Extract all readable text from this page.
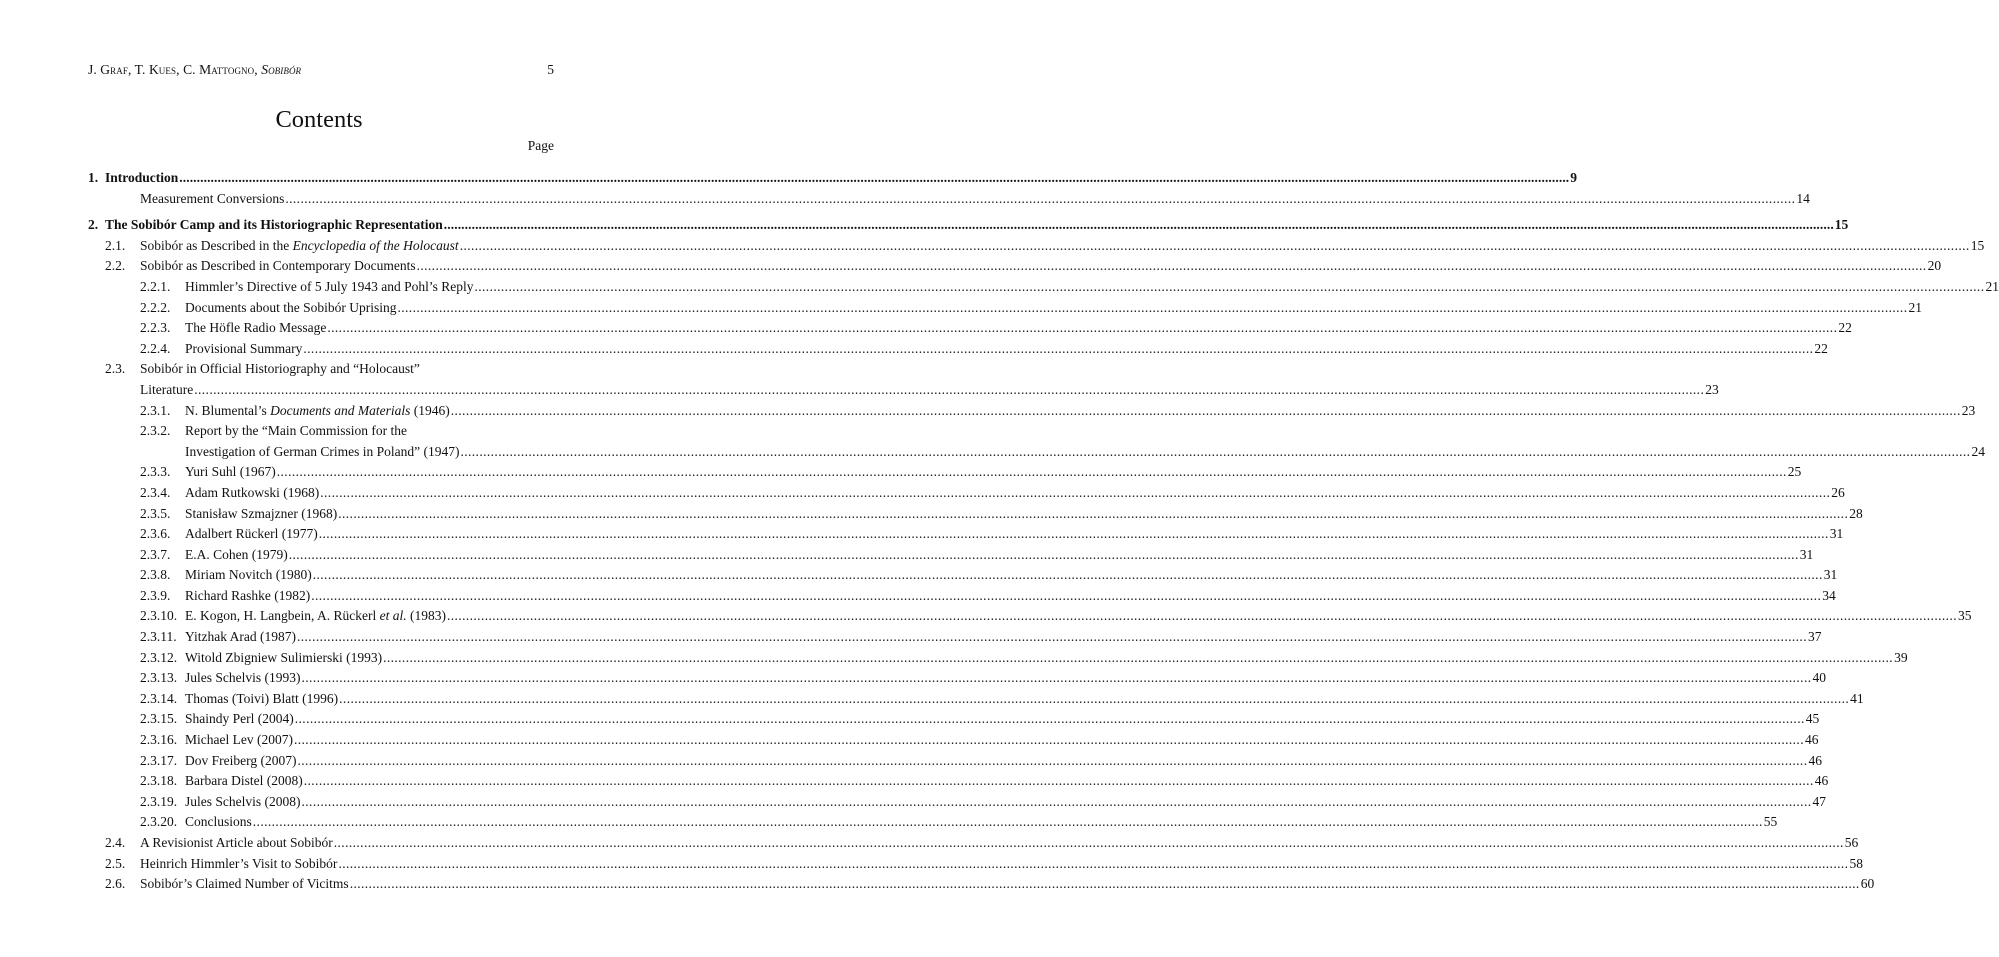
J. Graf, T. Kues, C. Mattogno, Sobibór	5
Contents
Page
1. Introduction ................................................................................................................................................................................................................................................................................................................................................................................................................ 9
Measurement Conversions ................................................................................................................................................................................................................................................................................................................................................................................................................ 14
2. The Sobibór Camp and its Historiographic Representation ................................................................................................................................................................................................................................................................................................................................................................................................................ 15
2.1. Sobibór as Described in the Encyclopedia of the Holocaust ................................................................................................................................................................................................................................................................................................................................................................................................................ 15
2.2. Sobibór as Described in Contemporary Documents ................................................................................................................................................................................................................................................................................................................................................................................................................ 20
2.2.1. Himmler’s Directive of 5 July 1943 and Pohl’s Reply ................................................................................................................................................................................................................................................................................................................................................................................................................ 21
2.2.2. Documents about the Sobibór Uprising ................................................................................................................................................................................................................................................................................................................................................................................................................ 21
2.2.3. The Höfle Radio Message ................................................................................................................................................................................................................................................................................................................................................................................................................ 22
2.2.4. Provisional Summary ................................................................................................................................................................................................................................................................................................................................................................................................................ 22
2.3.	Sobibór in Official Historiography and “Holocaust”
Literature ................................................................................................................................................................................................................................................................................................................................................................................................................ 23
2.3.1. N. Blumental’s Documents and Materials (1946) ................................................................................................................................................................................................................................................................................................................................................................................................................ 23
2.3.2.	Report by the “Main Commission for the
Investigation of German Crimes in Poland” (1947) ................................................................................................................................................................................................................................................................................................................................................................................................................ 24
2.3.3. Yuri Suhl (1967) ................................................................................................................................................................................................................................................................................................................................................................................................................ 25
2.3.4. Adam Rutkowski (1968) ................................................................................................................................................................................................................................................................................................................................................................................................................ 26
2.3.5. Stanisław Szmajzner (1968) ................................................................................................................................................................................................................................................................................................................................................................................................................ 28
2.3.6. Adalbert Rückerl (1977) ................................................................................................................................................................................................................................................................................................................................................................................................................ 31
2.3.7. E.A. Cohen (1979) ................................................................................................................................................................................................................................................................................................................................................................................................................ 31
2.3.8. Miriam Novitch (1980) ................................................................................................................................................................................................................................................................................................................................................................................................................ 31
2.3.9. Richard Rashke (1982) ................................................................................................................................................................................................................................................................................................................................................................................................................ 34
2.3.10. E. Kogon, H. Langbein, A. Rückerl et al. (1983) ................................................................................................................................................................................................................................................................................................................................................................................................................ 35
2.3.11. Yitzhak Arad (1987) ................................................................................................................................................................................................................................................................................................................................................................................................................ 37
2.3.12. Witold Zbigniew Sulimierski (1993) ................................................................................................................................................................................................................................................................................................................................................................................................................ 39
2.3.13. Jules Schelvis (1993) ................................................................................................................................................................................................................................................................................................................................................................................................................ 40
2.3.14. Thomas (Toivi) Blatt (1996) ................................................................................................................................................................................................................................................................................................................................................................................................................ 41
2.3.15. Shaindy Perl (2004) ................................................................................................................................................................................................................................................................................................................................................................................................................ 45
2.3.16. Michael Lev (2007) ................................................................................................................................................................................................................................................................................................................................................................................................................ 46
2.3.17. Dov Freiberg (2007) ................................................................................................................................................................................................................................................................................................................................................................................................................ 46
2.3.18. Barbara Distel (2008) ................................................................................................................................................................................................................................................................................................................................................................................................................ 46
2.3.19. Jules Schelvis (2008) ................................................................................................................................................................................................................................................................................................................................................................................................................ 47
2.3.20. Conclusions ................................................................................................................................................................................................................................................................................................................................................................................................................ 55
2.4. A Revisionist Article about Sobibór ................................................................................................................................................................................................................................................................................................................................................................................................................ 56
2.5. Heinrich Himmler’s Visit to Sobibór ................................................................................................................................................................................................................................................................................................................................................................................................................ 58
2.6. Sobibór’s Claimed Number of Vicitms ................................................................................................................................................................................................................................................................................................................................................................................................................ 60
